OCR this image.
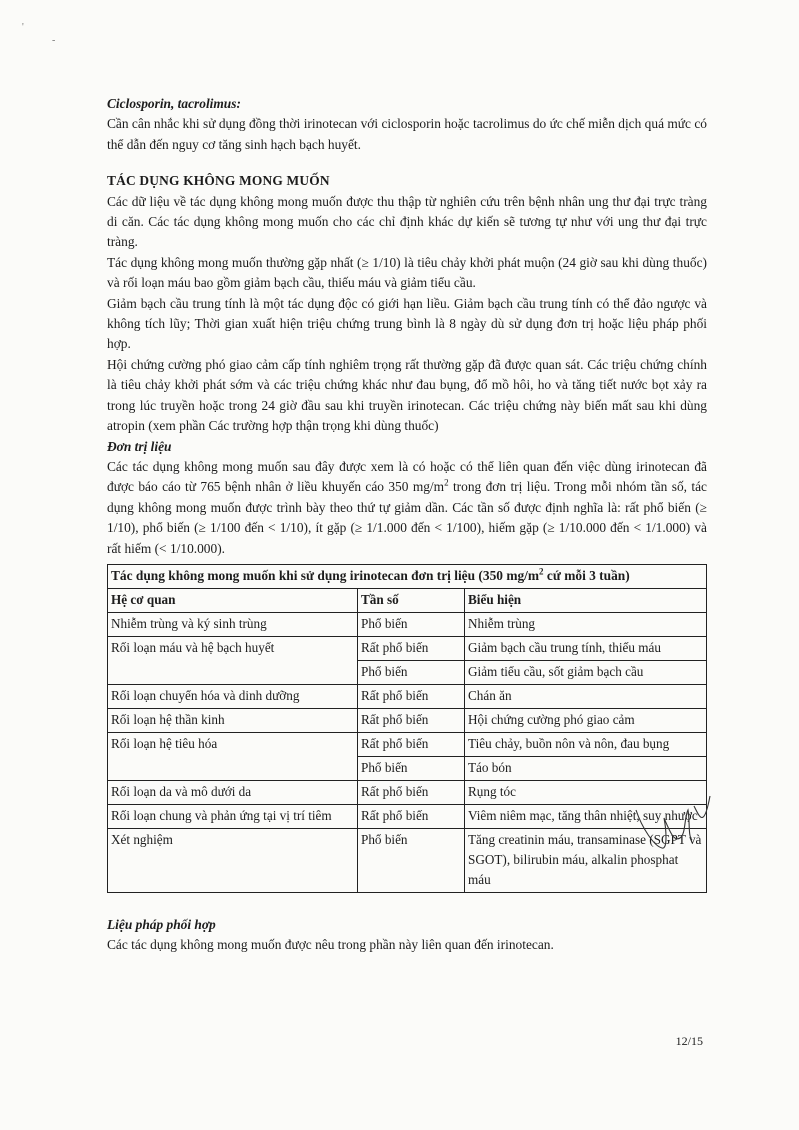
'
-

Ciclosporin, tacrolimus:

Cần cân nhắc khi sử dụng đồng thời irinotecan với ciclosporin hoặc tacrolimus do ức chế miễn dịch quá mức có thể dẫn đến nguy cơ tăng sinh hạch bạch huyết.

TÁC DỤNG KHÔNG MONG MUỐN

Các dữ liệu về tác dụng không mong muốn được thu thập từ nghiên cứu trên bệnh nhân ung thư đại trực tràng di căn. Các tác dụng không mong muốn cho các chỉ định khác dự kiến sẽ tương tự như với ung thư đại trực tràng.

Tác dụng không mong muốn thường gặp nhất (≥ 1/10) là tiêu chảy khởi phát muộn (24 giờ sau khi dùng thuốc) và rối loạn máu bao gồm giảm bạch cầu, thiếu máu và giảm tiểu cầu.

Giảm bạch cầu trung tính là một tác dụng độc có giới hạn liều. Giảm bạch cầu trung tính có thể đảo ngược và không tích lũy; Thời gian xuất hiện triệu chứng trung bình là 8 ngày dù sử dụng đơn trị hoặc liệu pháp phối hợp.

Hội chứng cường phó giao cảm cấp tính nghiêm trọng rất thường gặp đã được quan sát. Các triệu chứng chính là tiêu chảy khởi phát sớm và các triệu chứng khác như đau bụng, đổ mồ hôi, ho và tăng tiết nước bọt xảy ra trong lúc truyền hoặc trong 24 giờ đầu sau khi truyền irinotecan. Các triệu chứng này biến mất sau khi dùng atropin (xem phần Các trường hợp thận trọng khi dùng thuốc)

Đơn trị liệu

Các tác dụng không mong muốn sau đây được xem là có hoặc có thể liên quan đến việc dùng irinotecan đã được báo cáo từ 765 bệnh nhân ở liều khuyến cáo 350 $mg/m^2$ trong đơn trị liệu. Trong mỗi nhóm tần số, tác dụng không mong muốn được trình bày theo thứ tự giảm dần. Các tần số được định nghĩa là: rất phổ biến (≥ 1/10), phổ biến (≥ 1/100 đến < 1/10), ít gặp (≥ 1/1.000 đến < 1/100), hiếm gặp (≥ 1/10.000 đến < 1/1.000) và rất hiếm (< 1/10.000).

Tác dụng không mong muốn khi sử dụng irinotecan đơn trị liệu (350 $mg/m^2$ cứ mỗi 3 tuần)		
Hệ cơ quan	Tần số	Biểu hiện
Nhiễm trùng và ký sinh trùng	Phổ biến	Nhiễm trùng
Rối loạn máu và hệ bạch huyết	Rất phổ biến	Giảm bạch cầu trung tính, thiếu máu
	Phổ biến	Giảm tiểu cầu, sốt giảm bạch cầu
Rối loạn chuyển hóa và dinh dưỡng	Rất phổ biến	Chán ăn
Rối loạn hệ thần kinh	Rất phổ biến	Hội chứng cường phó giao cảm
Rối loạn hệ tiêu hóa	Rất phổ biến	Tiêu chảy, buồn nôn và nôn, đau bụng
	Phổ biến	Táo bón
Rối loạn da và mô dưới da	Rất phổ biến	Rụng tóc
Rối loạn chung và phản ứng tại vị trí tiêm	Rất phổ biến	Viêm niêm mạc, tăng thân nhiệt, suy nhược
Xét nghiệm	Phổ biến	Tăng creatinin máu, transaminase (SGPT và SGOT), bilirubin máu, alkalin phosphat máu

Liệu pháp phối hợp

Các tác dụng không mong muốn được nêu trong phần này liên quan đến irinotecan.

12/15
